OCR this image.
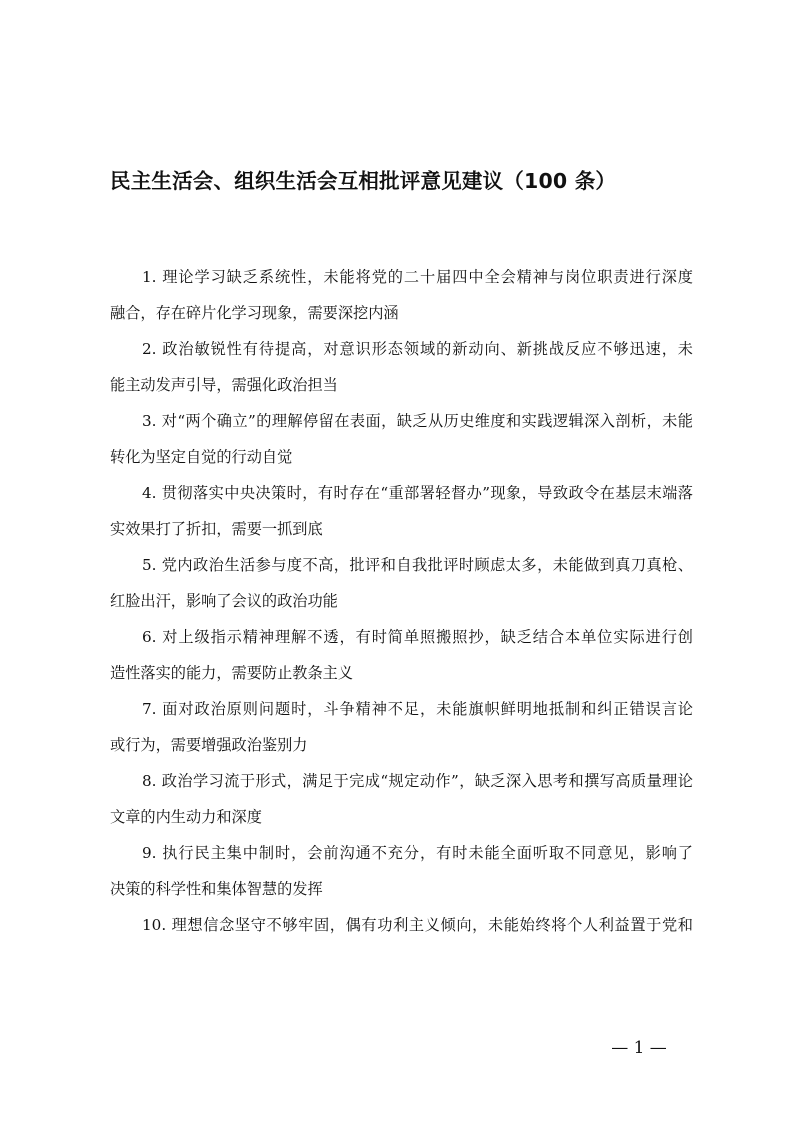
民主生活会、组织生活会互相批评意见建议（100 条）
1. 理论学习缺乏系统性，未能将党的二十届四中全会精神与岗位职责进行深度
融合，存在碎片化学习现象，需要深挖内涵
2. 政治敏锐性有待提高，对意识形态领域的新动向、新挑战反应不够迅速，未
能主动发声引导，需强化政治担当
3. 对“两个确立”的理解停留在表面，缺乏从历史维度和实践逻辑深入剖析，未能
转化为坚定自觉的行动自觉
4. 贯彻落实中央决策时，有时存在“重部署轻督办”现象，导致政令在基层末端落
实效果打了折扣，需要一抓到底
5. 党内政治生活参与度不高，批评和自我批评时顾虑太多，未能做到真刀真枪、
红脸出汗，影响了会议的政治功能
6. 对上级指示精神理解不透，有时简单照搬照抄，缺乏结合本单位实际进行创
造性落实的能力，需要防止教条主义
7. 面对政治原则问题时，斗争精神不足，未能旗帜鲜明地抵制和纠正错误言论
或行为，需要增强政治鉴别力
8. 政治学习流于形式，满足于完成“规定动作”，缺乏深入思考和撰写高质量理论
文章的内生动力和深度
9. 执行民主集中制时，会前沟通不充分，有时未能全面听取不同意见，影响了
决策的科学性和集体智慧的发挥
10. 理想信念坚守不够牢固，偶有功利主义倾向，未能始终将个人利益置于党和
— 1 —
